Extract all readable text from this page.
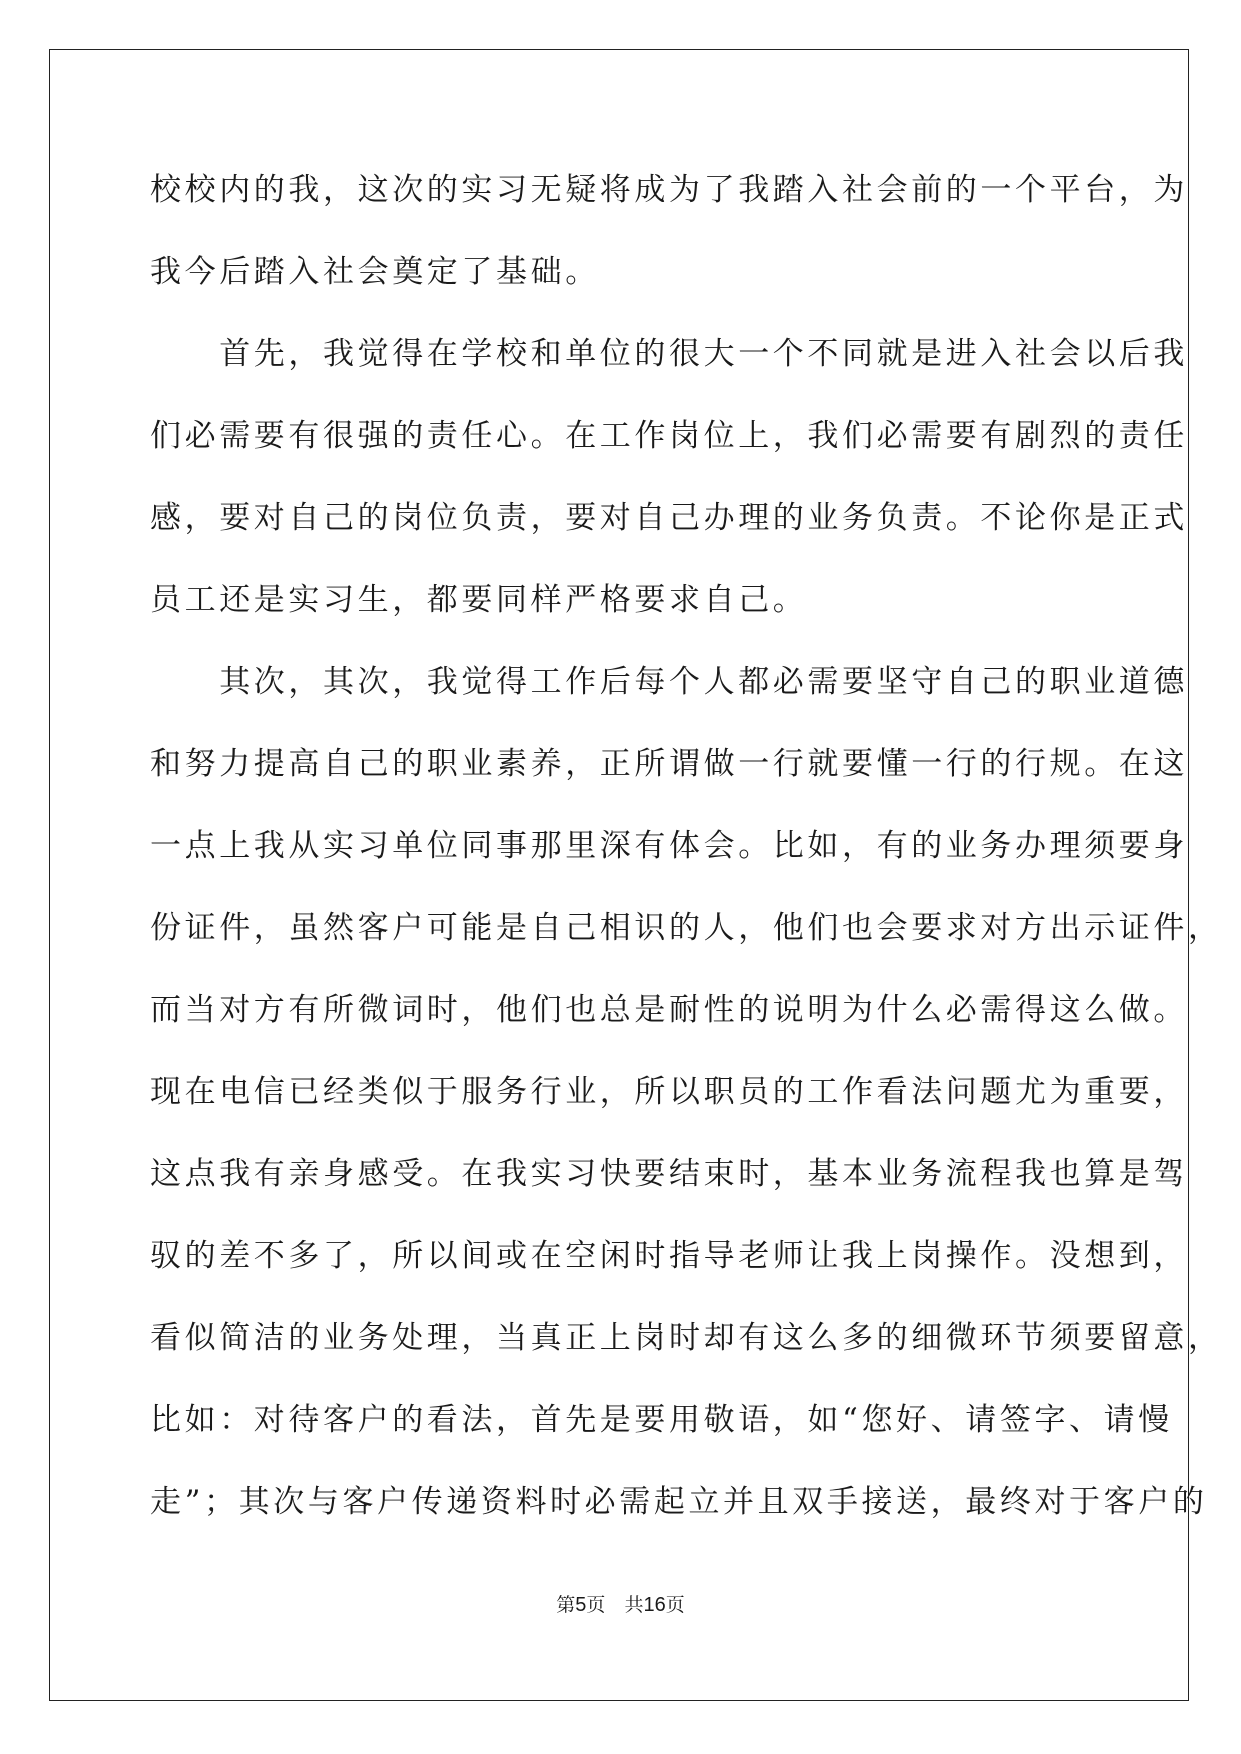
校校内的我，这次的实习无疑将成为了我踏入社会前的一个平台，为
我今后踏入社会奠定了基础。
　　首先，我觉得在学校和单位的很大一个不同就是进入社会以后我
们必需要有很强的责任心。在工作岗位上，我们必需要有剧烈的责任
感，要对自己的岗位负责，要对自己办理的业务负责。不论你是正式
员工还是实习生，都要同样严格要求自己。
　　其次，其次，我觉得工作后每个人都必需要坚守自己的职业道德
和努力提高自己的职业素养，正所谓做一行就要懂一行的行规。在这
一点上我从实习单位同事那里深有体会。比如，有的业务办理须要身
份证件，虽然客户可能是自己相识的人，他们也会要求对方出示证件，
而当对方有所微词时，他们也总是耐性的说明为什么必需得这么做。
现在电信已经类似于服务行业，所以职员的工作看法问题尤为重要，
这点我有亲身感受。在我实习快要结束时，基本业务流程我也算是驾
驭的差不多了，所以间或在空闲时指导老师让我上岗操作。没想到，
看似简洁的业务处理，当真正上岗时却有这么多的细微环节须要留意，
比如：对待客户的看法，首先是要用敬语，如“您好、请签字、请慢
走”；其次与客户传递资料时必需起立并且双手接送，最终对于客户的
第5页　共16页
